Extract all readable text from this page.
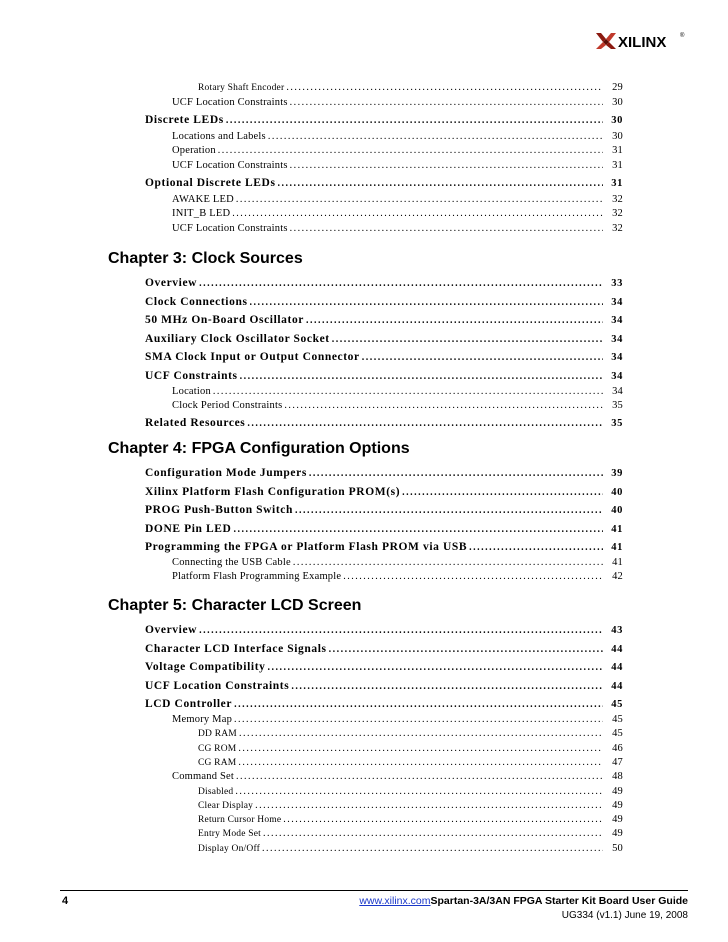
XILINX ®
Rotary Shaft Encoder .....	29
UCF Location Constraints .....	30
Discrete LEDs .....	30
Locations and Labels .....	30
Operation .....	31
UCF Location Constraints .....	31
Optional Discrete LEDs .....	31
AWAKE LED .....	32
INIT_B LED .....	32
UCF Location Constraints .....	32
Chapter 3: Clock Sources
Overview .....	33
Clock Connections .....	34
50 MHz On-Board Oscillator .....	34
Auxiliary Clock Oscillator Socket .....	34
SMA Clock Input or Output Connector .....	34
UCF Constraints .....	34
Location .....	34
Clock Period Constraints .....	35
Related Resources .....	35
Chapter 4: FPGA Configuration Options
Configuration Mode Jumpers .....	39
Xilinx Platform Flash Configuration PROM(s) .....	40
PROG Push-Button Switch .....	40
DONE Pin LED .....	41
Programming the FPGA or Platform Flash PROM via USB .....	41
Connecting the USB Cable .....	41
Platform Flash Programming Example .....	42
Chapter 5: Character LCD Screen
Overview .....	43
Character LCD Interface Signals .....	44
Voltage Compatibility .....	44
UCF Location Constraints .....	44
LCD Controller .....	45
Memory Map .....	45
DD RAM .....	45
CG ROM .....	46
CG RAM .....	47
Command Set .....	48
Disabled .....	49
Clear Display .....	49
Return Cursor Home .....	49
Entry Mode Set .....	49
Display On/Off .....	50
4	www.xilinx.comSpartan-3A/3AN FPGA Starter Kit Board User Guide
UG334 (v1.1) June 19, 2008
